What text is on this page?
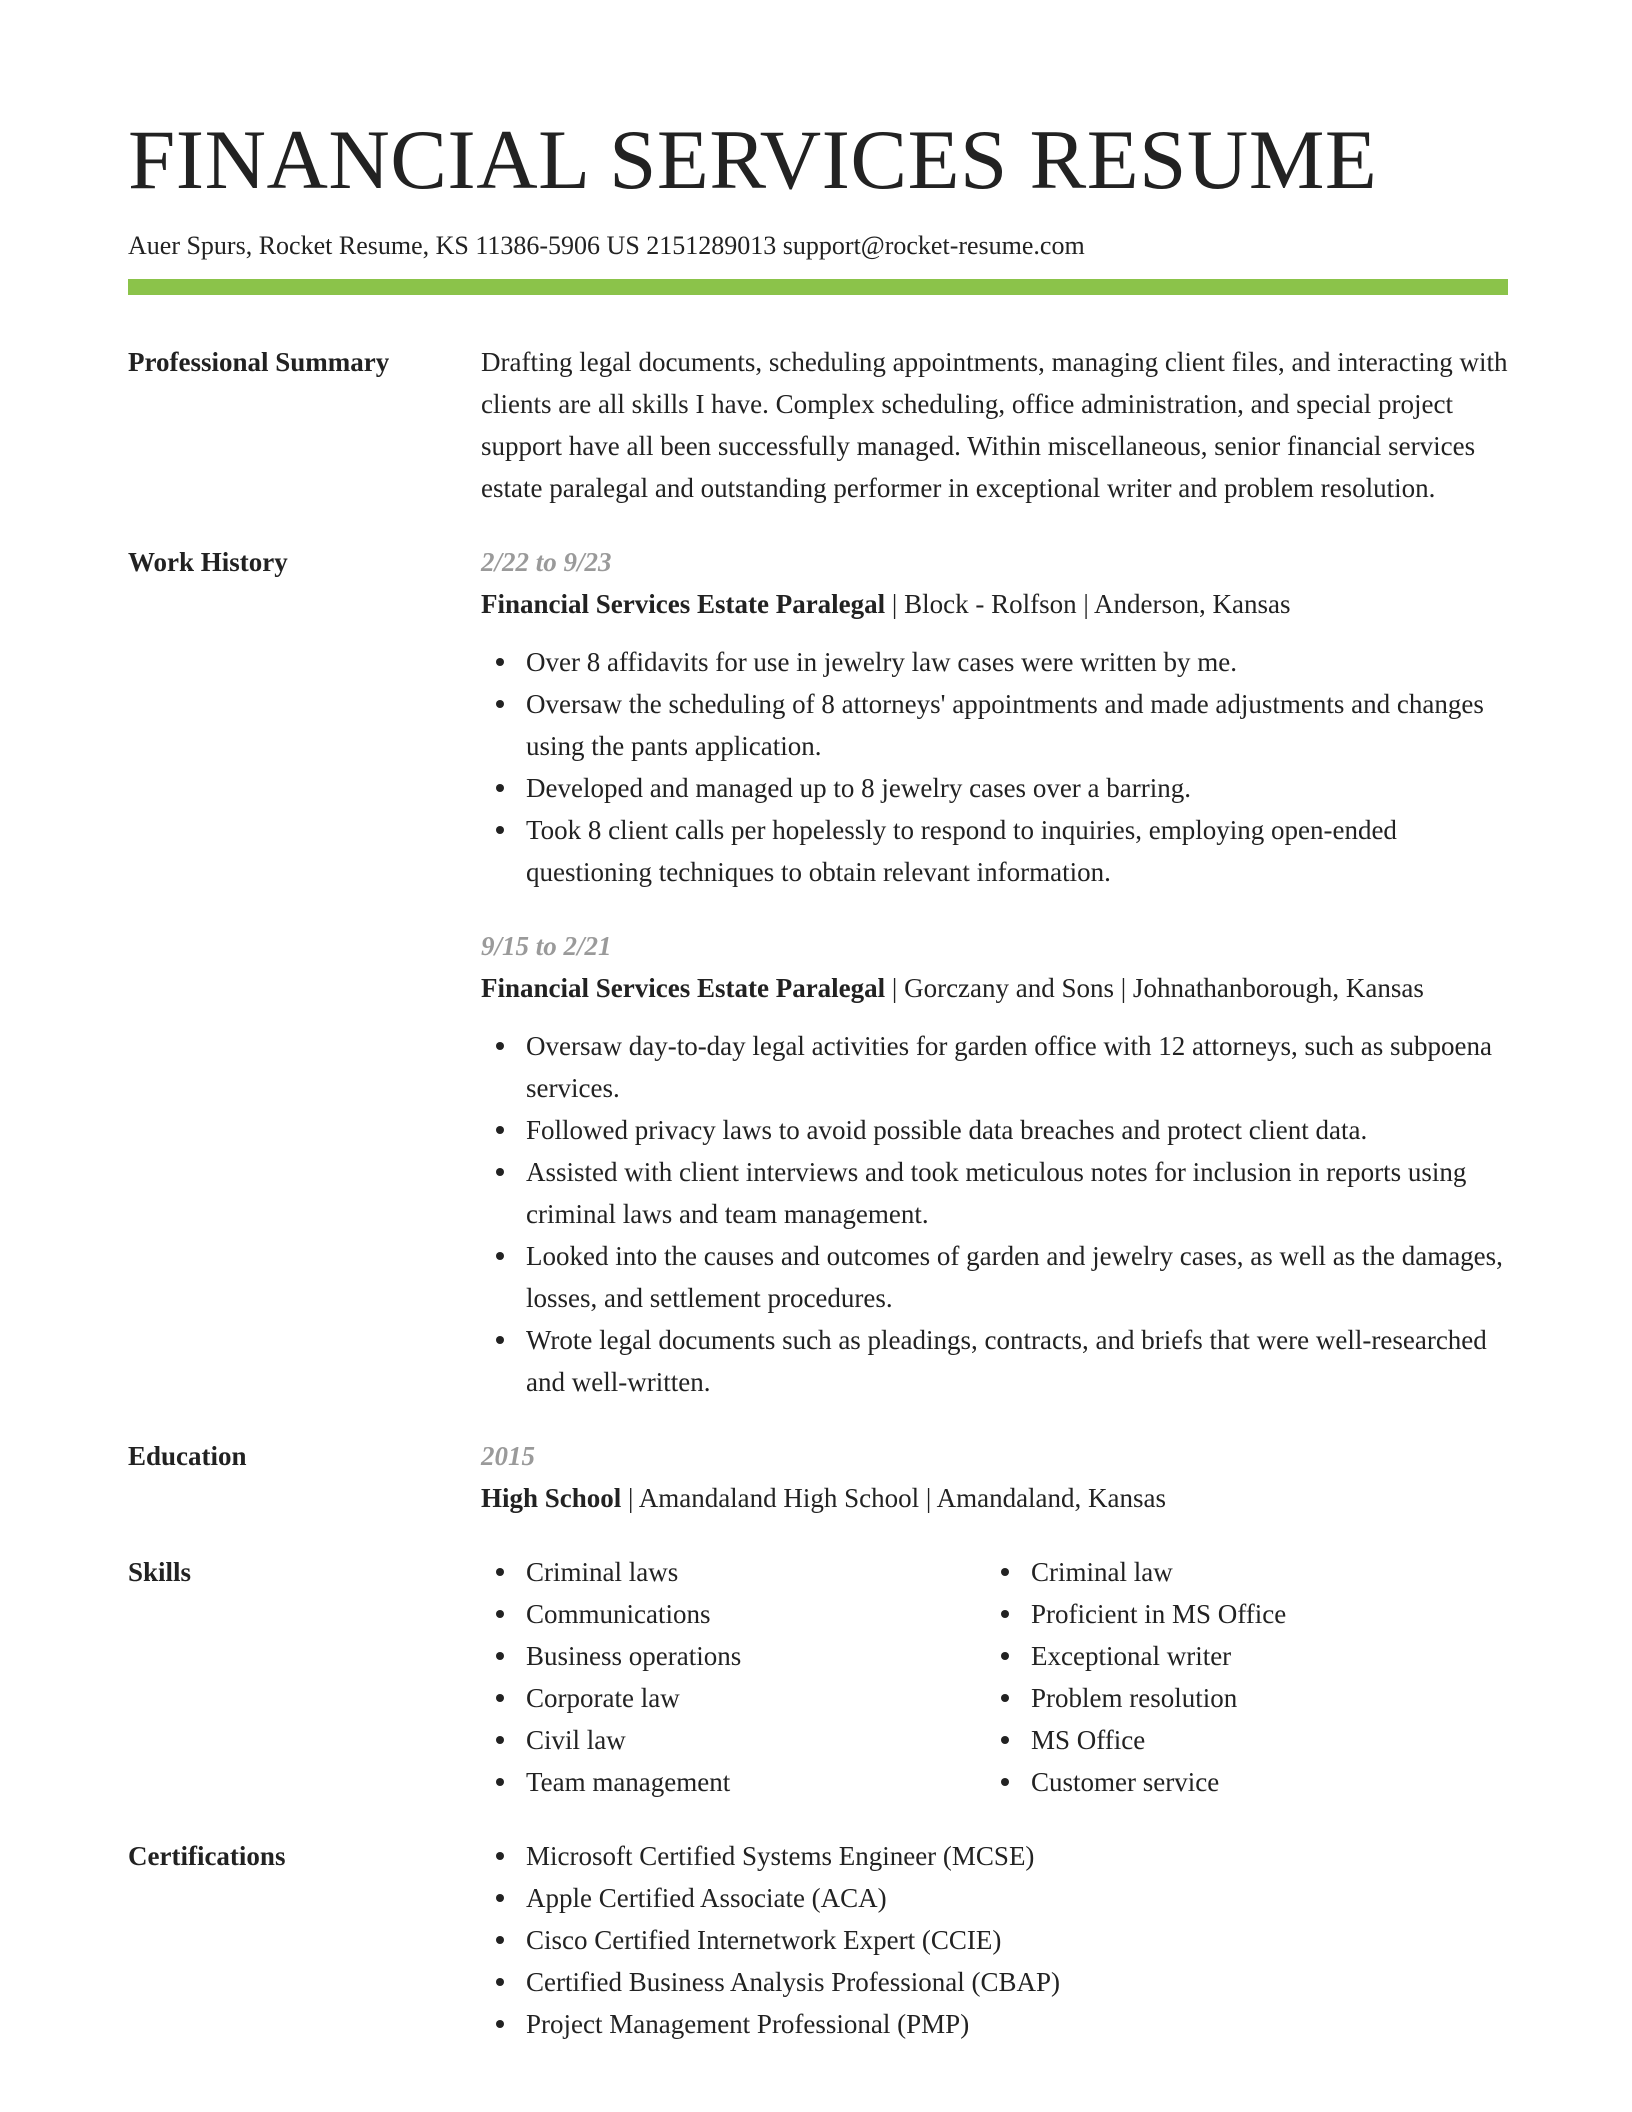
FINANCIAL SERVICES RESUME
Auer Spurs, Rocket Resume, KS 11386-5906 US 2151289013 support@rocket-resume.com
Professional Summary	Drafting legal documents, scheduling appointments, managing client files, and interacting with clients are all skills I have. Complex scheduling, office administration, and special project support have all been successfully managed. Within miscellaneous, senior financial services estate paralegal and outstanding performer in exceptional writer and problem resolution.

Work History	2/22 to 9/23
Financial Services Estate Paralegal | Block - Rolfson | Anderson, Kansas
Over 8 affidavits for use in jewelry law cases were written by me.
Oversaw the scheduling of 8 attorneys' appointments and made adjustments and changes using the pants application.
Developed and managed up to 8 jewelry cases over a barring.
Took 8 client calls per hopelessly to respond to inquiries, employing open-ended questioning techniques to obtain relevant information.
9/15 to 2/21
Financial Services Estate Paralegal | Gorczany and Sons | Johnathanborough, Kansas
Oversaw day-to-day legal activities for garden office with 12 attorneys, such as subpoena services.
Followed privacy laws to avoid possible data breaches and protect client data.
Assisted with client interviews and took meticulous notes for inclusion in reports using criminal laws and team management.
Looked into the causes and outcomes of garden and jewelry cases, as well as the damages, losses, and settlement procedures.
Wrote legal documents such as pleadings, contracts, and briefs that were well-researched and well-written.
Education	2015
High School | Amandaland High School | Amandaland, Kansas
Skills	Criminal laws
Communications
Business operations
Corporate law
Civil law
Team management
Criminal law
Proficient in MS Office
Exceptional writer
Problem resolution
MS Office
Customer service
Certifications	Microsoft Certified Systems Engineer (MCSE)
Apple Certified Associate (ACA)
Cisco Certified Internetwork Expert (CCIE)
Certified Business Analysis Professional (CBAP)
Project Management Professional (PMP)
